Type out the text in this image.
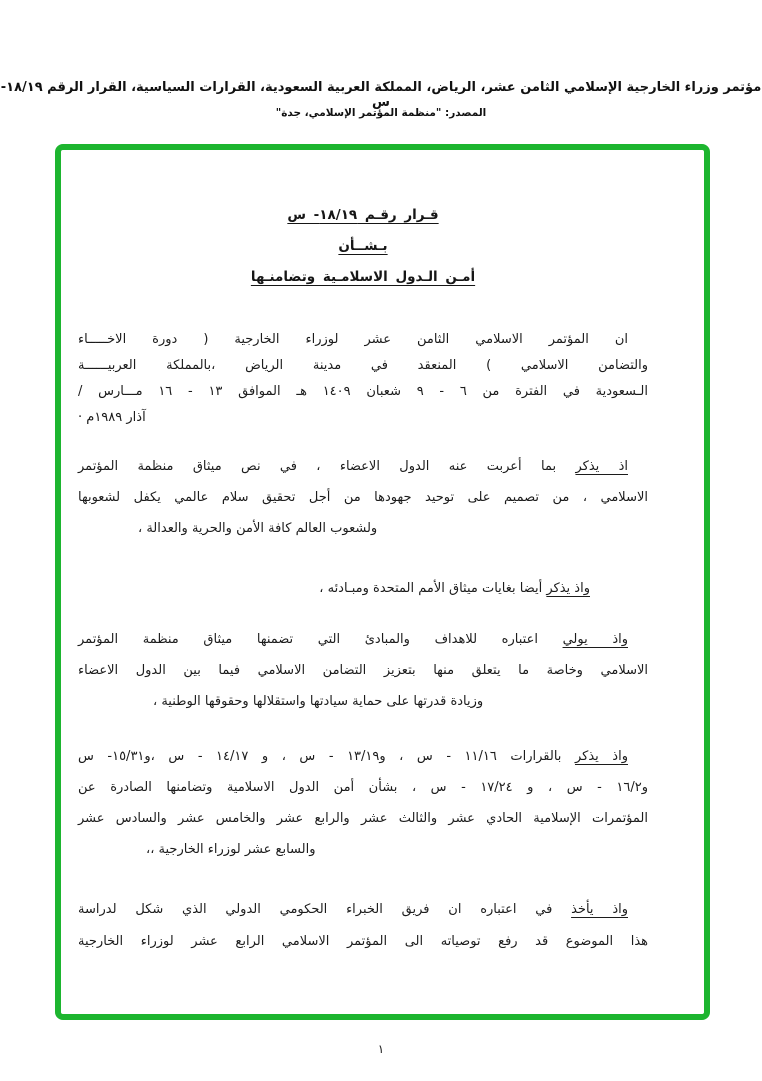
مؤتمر وزراء الخارجية الإسلامي الثامن عشر، الرياض، المملكة العربية السعودية، القرارات السياسية، القرار الرقم ١٨/١٩-س
المصدر: "منظمة المؤتمر الإسلامي، جدة"
قـرار رقـم ١٨/١٩- س
بـشــأن
أمـن الـدول الاسلامـية وتضامنـها
ان المؤتمر الاسلامي الثامن عشر لوزراء الخارجية ( دورة الاخـــــاء
والتضامن الاسلامي ) المنعقد في مدينة الرياض ،بالمملكة العربيــــــة
الـسعودية في الفترة من ٦ - ٩ شعبان ١٤٠٩ هـ الموافق ١٣ - ١٦ مـــارس /
آذار ١٩٨٩م ·
اذ يذكر بما أعربت عنه الدول الاعضاء ، في نص ميثاق منظمة المؤتمر
الاسلامي ، من تصميم على توحيد جهودها من أجل تحقيق سلام عالمي يكفل لشعوبها
ولشعوب العالم كافة الأمن والحرية والعدالة ،
واذ يذكر أيضا بغايات ميثاق الأمم المتحدة ومبـادئه ،
واذ يولي اعتباره للاهداف والمبادئ التي تضمنها ميثاق منظمة المؤتمر
الاسلامي وخاصة ما يتعلق منها بتعزيز التضامن الاسلامي فيما بين الدول الاعضاء
وزيادة قدرتها على حماية سيادتها واستقلالها وحقوقها الوطنية ،
واذ يذكر بالقرارات ١١/١٦ - س ، و١٣/١٩ - س ، و ١٤/١٧ - س ،و١٥/٣١- س
و١٦/٢ - س ، و ١٧/٢٤ - س ، بشأن أمن الدول الاسلامية وتضامنها الصادرة عن
المؤتمرات الإسلامية الحادي عشر والثالث عشر والرابع عشر والخامس عشر والسادس عشر
والسابع عشر لوزراء الخارجية ،،
واذ يأخذ في اعتباره ان فريق الخبراء الحكومي الدولي الذي شكل لدراسة
هذا الموضوع قد رفع توصياته الى المؤتمر الاسلامي الرابع عشر لوزراء الخارجية
١
